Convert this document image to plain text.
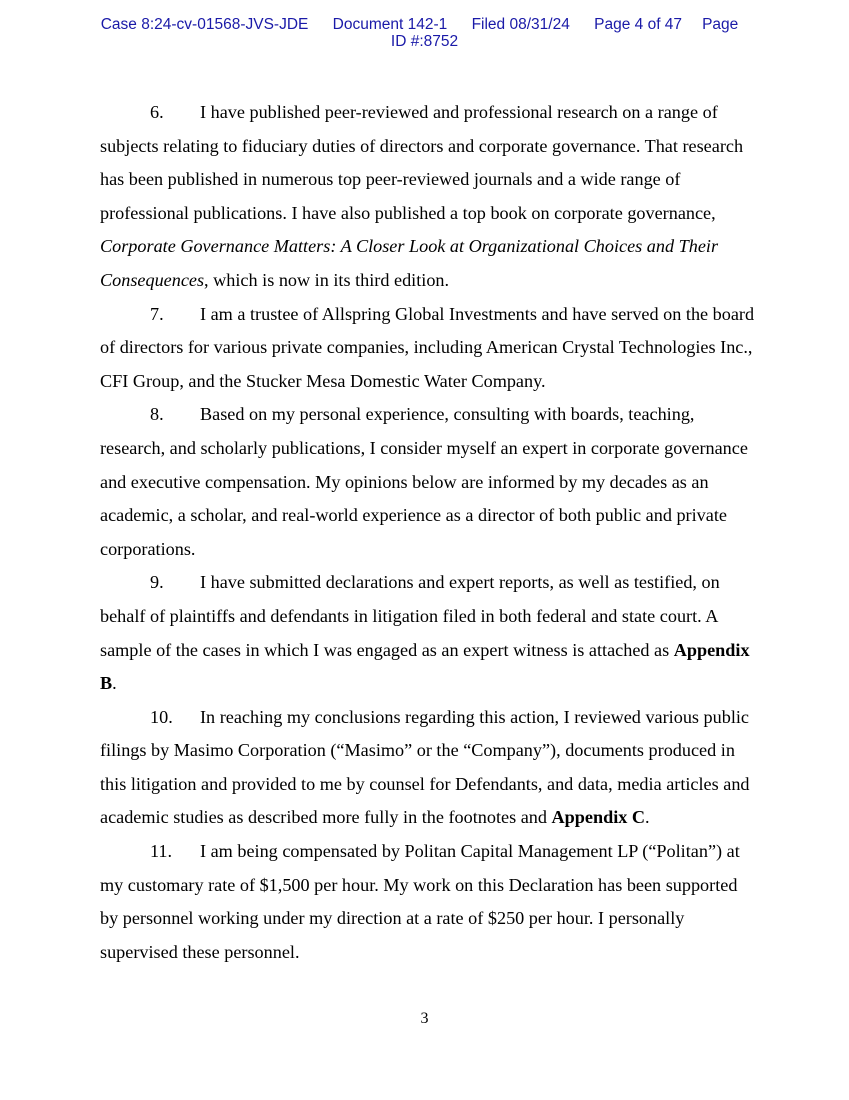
Case 8:24-cv-01568-JVS-JDE Document 142-1 Filed 08/31/24 Page 4 of 47 Page
ID #:8752

6. I have published peer-reviewed and professional research on a range of subjects relating to fiduciary duties of directors and corporate governance. That research has been published in numerous top peer-reviewed journals and a wide range of professional publications. I have also published a top book on corporate governance, Corporate Governance Matters: A Closer Look at Organizational Choices and Their Consequences, which is now in its third edition.

7. I am a trustee of Allspring Global Investments and have served on the board of directors for various private companies, including American Crystal Technologies Inc., CFI Group, and the Stucker Mesa Domestic Water Company.

8. Based on my personal experience, consulting with boards, teaching, research, and scholarly publications, I consider myself an expert in corporate governance and executive compensation. My opinions below are informed by my decades as an academic, a scholar, and real-world experience as a director of both public and private corporations.

9. I have submitted declarations and expert reports, as well as testified, on behalf of plaintiffs and defendants in litigation filed in both federal and state court. A sample of the cases in which I was engaged as an expert witness is attached as Appendix B.

10. In reaching my conclusions regarding this action, I reviewed various public filings by Masimo Corporation (“Masimo” or the “Company”), documents produced in this litigation and provided to me by counsel for Defendants, and data, media articles and academic studies as described more fully in the footnotes and Appendix C.

11. I am being compensated by Politan Capital Management LP (“Politan”) at my customary rate of $1,500 per hour. My work on this Declaration has been supported by personnel working under my direction at a rate of $250 per hour. I personally supervised these personnel.

3
